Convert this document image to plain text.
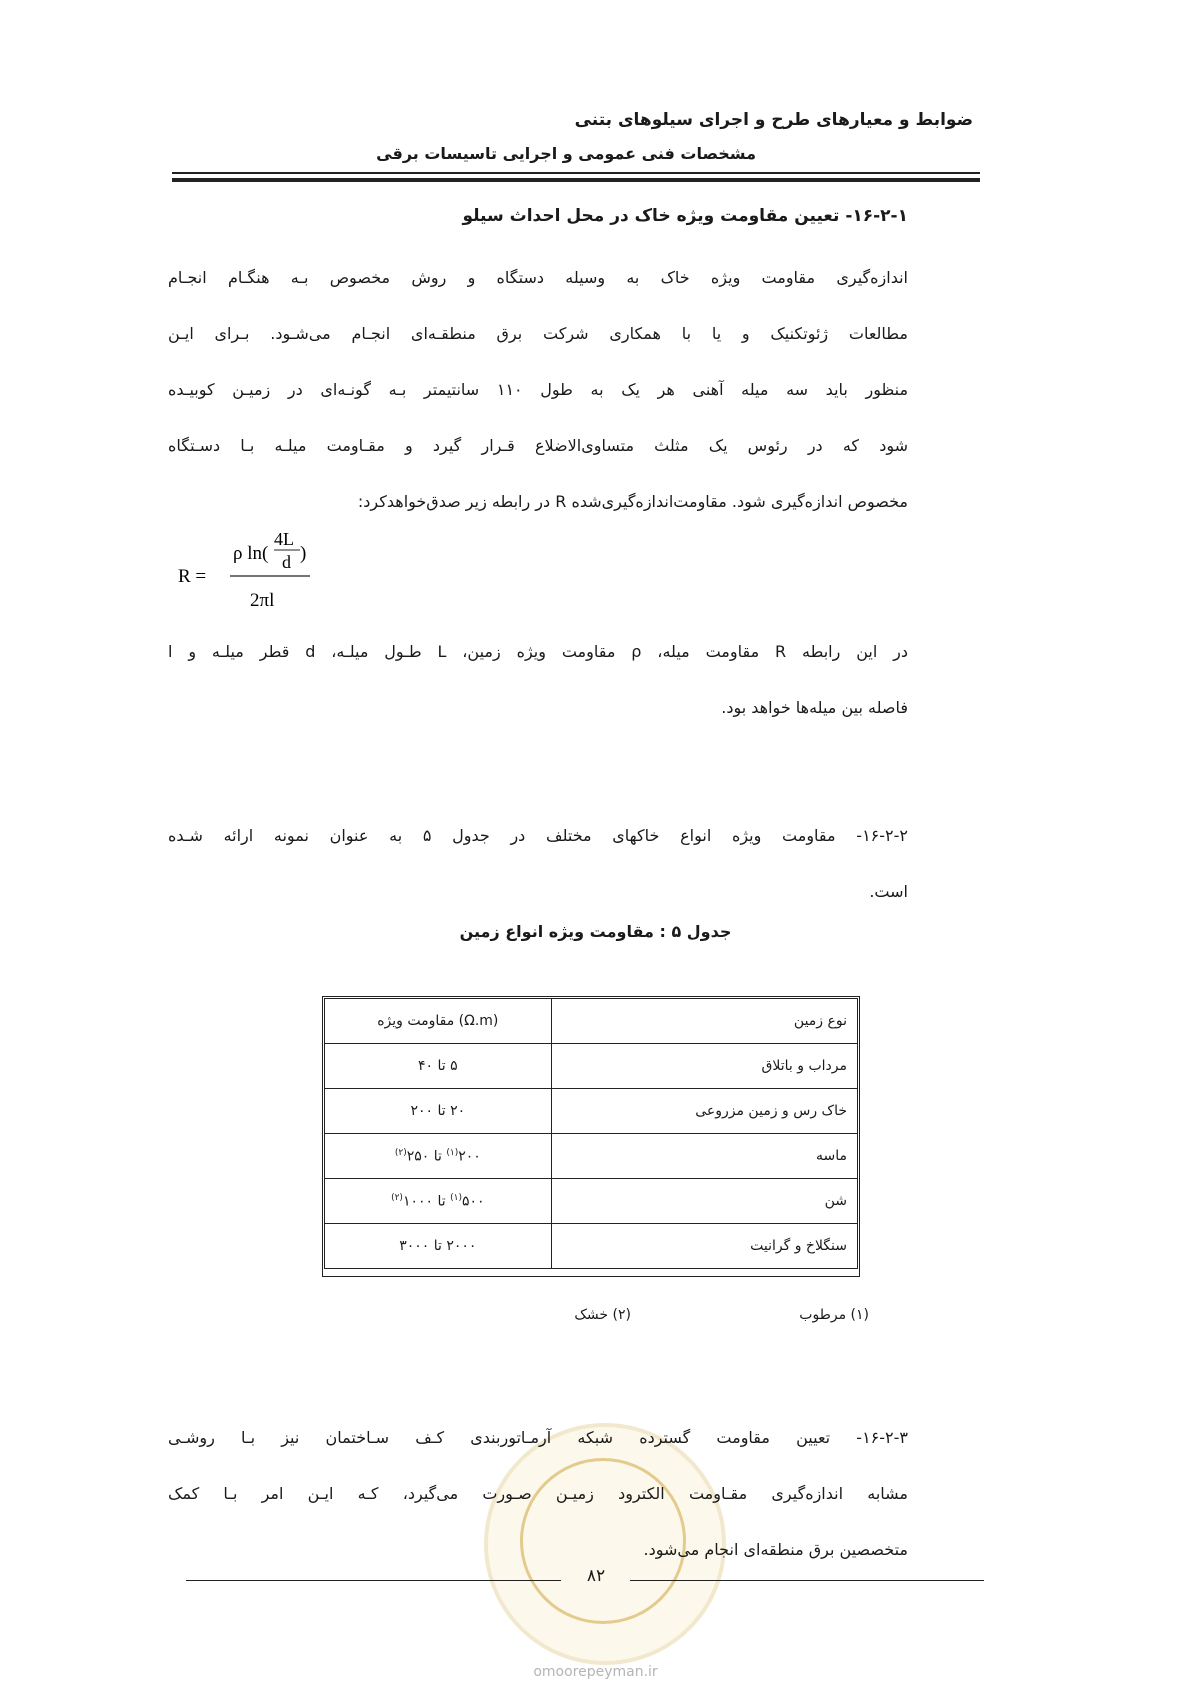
ضوابط و معیارهای طرح و اجرای سیلوهای بتنی
مشخصات فنی عمومی و اجرایی تاسیسات برقی
۱۶-۲-۱- تعیین مقاومت ویژه خاک در محل احداث سیلو
اندازه‌گیری مقاومت ویژه خاک به وسیله دستگاه و روش مخصوص بـه هنگـام انجـام
مطالعات ژئوتکنیک و یا با همکاری شرکت برق منطقـه‌ای انجـام می‌شـود. بـرای ایـن
منظور باید سه میله آهنی هر یک به طول ۱۱۰ سانتیمتر بـه گونـه‌ای در زمیـن کوبیـده
شود که در رئوس یک مثلث متساوی‌الاضلاع قـرار گیرد و مقـاومت میلـه بـا دسـتگاه
مخصوص اندازه‌گیری شود. مقاومت‌اندازه‌گیری‌شده R در رابطه زیر صدق‌خواهدکرد:
R =
ρ ln(
4L
d )
2πl
در این رابطه R مقاومت میله، ρ مقاومت ویژه زمین، L طـول میلـه، d قطر میلـه و l
فاصله بین میله‌ها خواهد بود.
۱۶-۲-۲- مقاومت ویژه انواع خاکهای مختلف در جدول ۵ به عنوان نمونه ارائه شـده
است.
جدول ۵ : مقاومت ویژه انواع زمین
نوع زمین	مقاومت ویژه (Ω.m)
مرداب و باتلاق	۵ تا ۴۰
خاک رس و زمین مزروعی	۲۰ تا ۲۰۰
ماسه	۲۰۰$^{(۱)}$ تا ۲۵۰$^{(۲)}$
شن	۵۰۰$^{(۱)}$ تا ۱۰۰۰$^{(۲)}$
سنگلاخ و گرانیت	۲۰۰۰ تا ۳۰۰۰
(۱) مرطوب
(۲) خشک
۱۶-۲-۳- تعیین مقاومت گسترده شبکه آرمـاتوربندی کـف سـاختمان نیز بـا روشـی
مشابه اندازه‌گیری مقـاومت الکترود زمیـن صـورت می‌گیرد، کـه ایـن امر بـا کمک
متخصصین برق منطقه‌ای انجام می‌شود.
۸۲
omoorepeyman.ir
